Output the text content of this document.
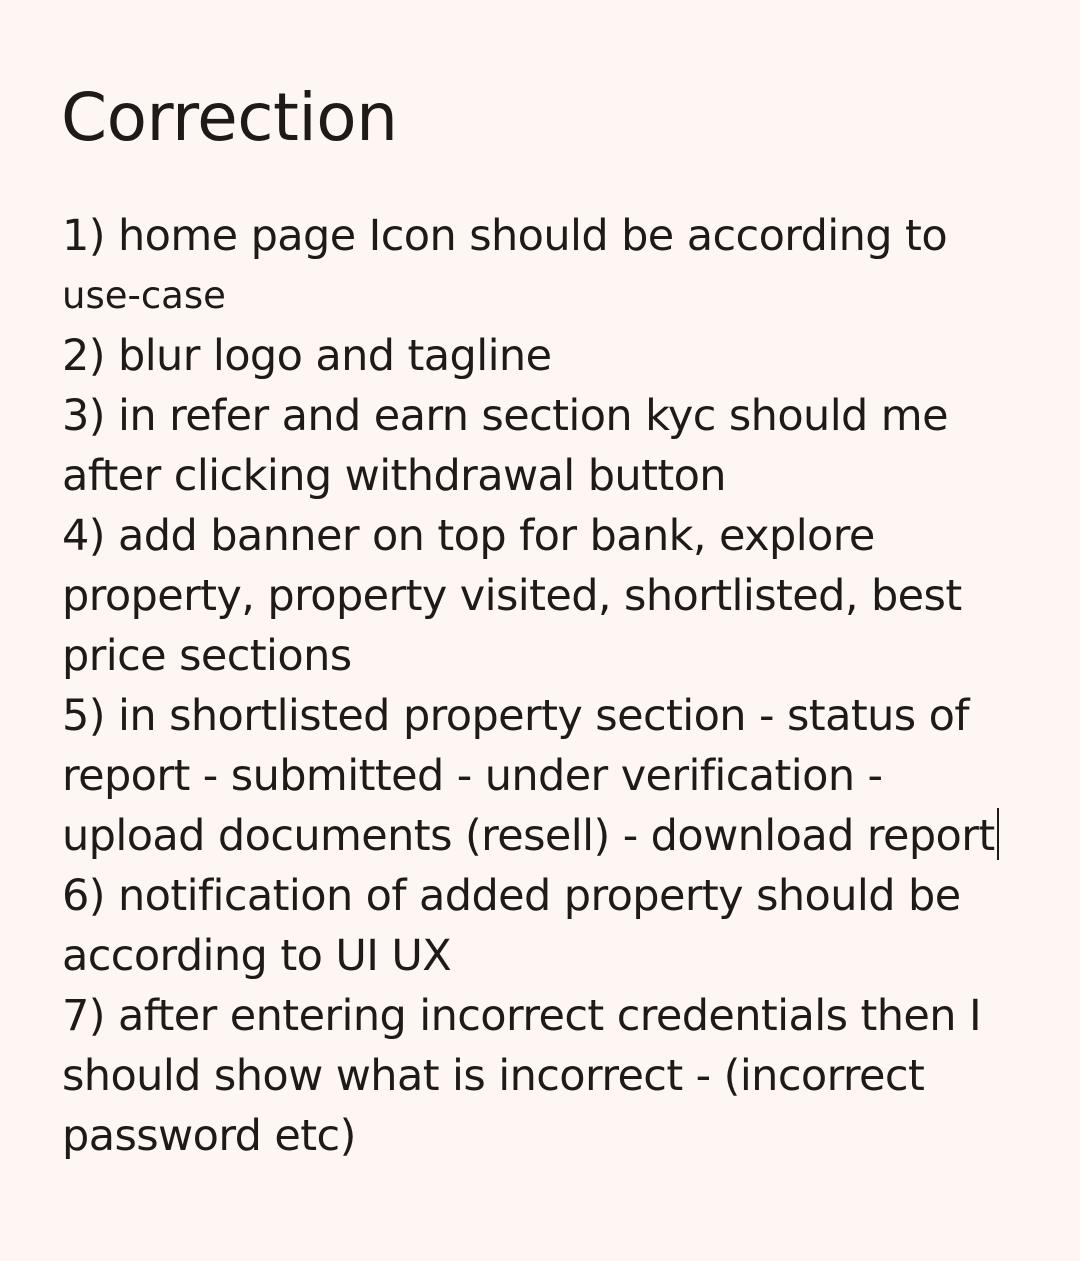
Correction
1) home page Icon should be according to
use-case
2) blur logo and tagline
3) in refer and earn section kyc should me
after clicking withdrawal button
4) add banner on top for bank, explore
property, property visited, shortlisted, best
price sections
5) in shortlisted property section - status of
report - submitted - under verification -
upload documents (resell) - download report
6) notification of added property should be
according to UI UX
7) after entering incorrect credentials then I
should show what is incorrect - (incorrect
password etc)
